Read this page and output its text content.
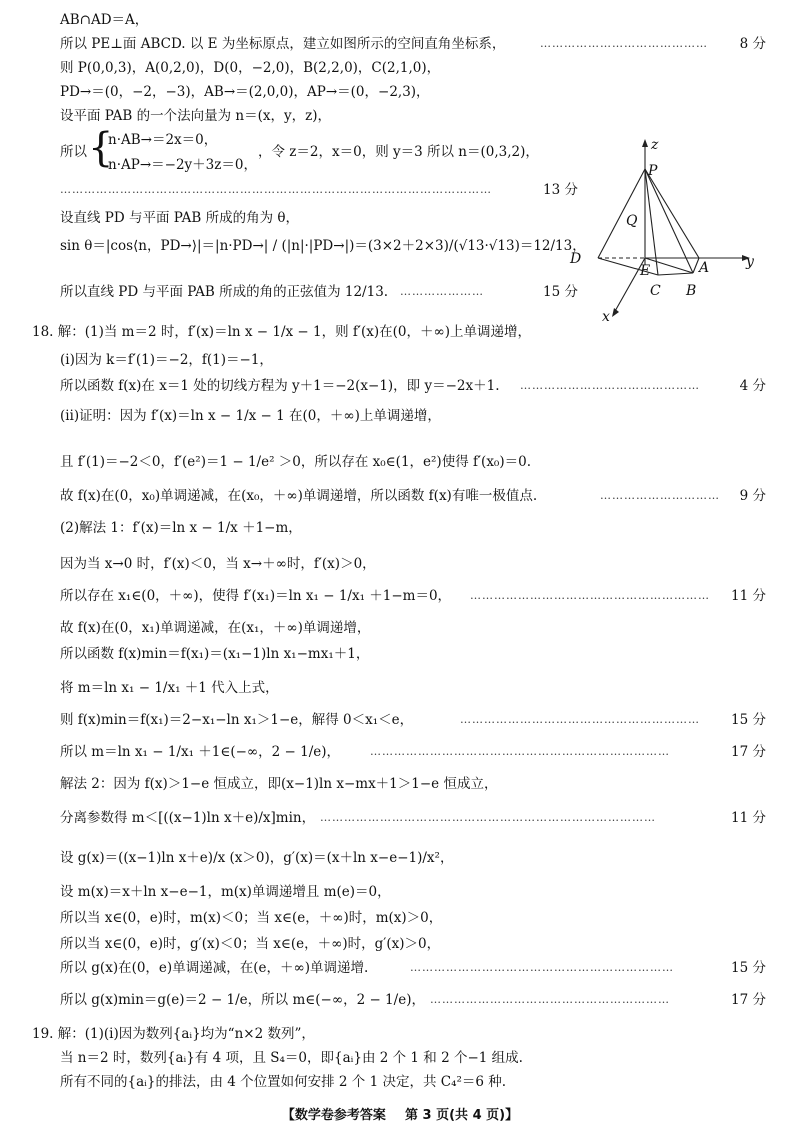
AB∩AD＝A，
所以 PE⊥面 ABCD. 以 E 为坐标原点，建立如图所示的空间直角坐标系，	……………………………………	8 分
则 P(0,0,3)，A(0,2,0)，D(0，−2,0)，B(2,2,0)，C(2,1,0)，
PD→＝(0，−2，−3)，AB→＝(2,0,0)，AP→＝(0，−2,3)，
设平面 PAB 的一个法向量为 n＝(x，y，z)，
所以 {
n·AB→＝2x＝0，
n·AP→＝−2y＋3z＝0，
，令 z＝2，x＝0，则 y＝3 所以 n＝(0,3,2)，
………………………………………………………………………………………………	13 分
设直线 PD 与平面 PAB 所成的角为 θ，
sin θ＝|cos⟨n，PD→⟩|＝|n·PD→| / (|n|·|PD→|)＝(3×2＋2×3)/(√13·√13)＝12/13，
所以直线 PD 与平面 PAB 所成的角的正弦值为 12/13. …………………	15 分
z
P
Q
D
E	A	y
C B
x
18. 解：(1)当 m＝2 时，f′(x)＝ln x − 1/x − 1，则 f′(x)在(0，＋∞)上单调递增，
(ⅰ)因为 k＝f′(1)＝−2，f(1)＝−1，
所以函数 f(x)在 x＝1 处的切线方程为 y＋1＝−2(x−1)，即 y＝−2x＋1. ………………………………………	4 分
(ⅱ)证明：因为 f′(x)＝ln x − 1/x − 1 在(0，＋∞)上单调递增，
且 f′(1)＝−2＜0，f′(e²)＝1 − 1/e² ＞0，所以存在 x₀∈(1，e²)使得 f′(x₀)＝0.
故 f(x)在(0，x₀)单调递减，在(x₀，＋∞)单调递增，所以函数 f(x)有唯一极值点.	…………………………	9 分
(2)解法 1：f′(x)＝ln x − 1/x ＋1−m，
因为当 x→0 时，f′(x)＜0，当 x→＋∞时，f′(x)＞0，
所以存在 x₁∈(0，＋∞)，使得 f′(x₁)＝ln x₁ − 1/x₁ ＋1−m＝0， ……………………………………………………	11 分
故 f(x)在(0，x₁)单调递减，在(x₁，＋∞)单调递增，
所以函数 f(x)min＝f(x₁)＝(x₁−1)ln x₁−mx₁＋1，
将 m＝ln x₁ − 1/x₁ ＋1 代入上式，
则 f(x)min＝f(x₁)＝2−x₁−ln x₁＞1−e，解得 0＜x₁＜e，	……………………………………………………	15 分
所以 m＝ln x₁ − 1/x₁ ＋1∈(−∞，2 − 1/e)，	…………………………………………………………………	17 分
解法 2：因为 f(x)＞1−e 恒成立，即(x−1)ln x−mx＋1＞1−e 恒成立，
分离参数得 m＜[((x−1)ln x＋e)/x]min， …………………………………………………………………………	11 分
设 g(x)＝((x−1)ln x＋e)/x (x＞0)，g′(x)＝(x＋ln x−e−1)/x²，
设 m(x)＝x＋ln x−e−1，m(x)单调递增且 m(e)＝0，
所以当 x∈(0，e)时，m(x)＜0；当 x∈(e，＋∞)时，m(x)＞0，
所以当 x∈(0，e)时，g′(x)＜0；当 x∈(e，＋∞)时，g′(x)＞0，
所以 g(x)在(0，e)单调递减，在(e，＋∞)单调递增.	…………………………………………………………	15 分
所以 g(x)min＝g(e)＝2 − 1/e，所以 m∈(−∞，2 − 1/e)， ……………………………………………………	17 分
19. 解：(1)(ⅰ)因为数列{aᵢ}均为“n×2 数列”，
当 n＝2 时，数列{aᵢ}有 4 项，且 S₄＝0，即{aᵢ}由 2 个 1 和 2 个−1 组成.
所有不同的{aᵢ}的排法，由 4 个位置如何安排 2 个 1 决定，共 C₄²＝6 种.
【数学卷参考答案 第 3 页(共 4 页)】
